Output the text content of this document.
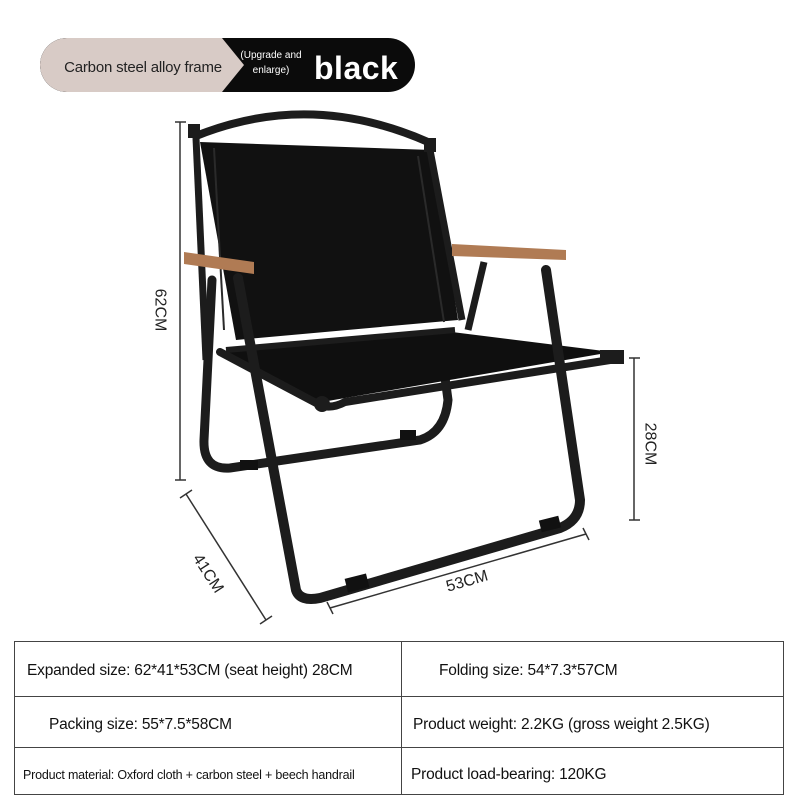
Carbon steel alloy frame
(Upgrade and enlarge) black
62CM
28CM
41CM	53CM
Expanded size: 62*41*53CM (seat height) 28CM	Folding size: 54*7.3*57CM
Packing size: 55*7.5*58CM	Product weight: 2.2KG (gross weight 2.5KG)
Product material: Oxford cloth + carbon steel + beech handrail	Product load-bearing: 120KG
